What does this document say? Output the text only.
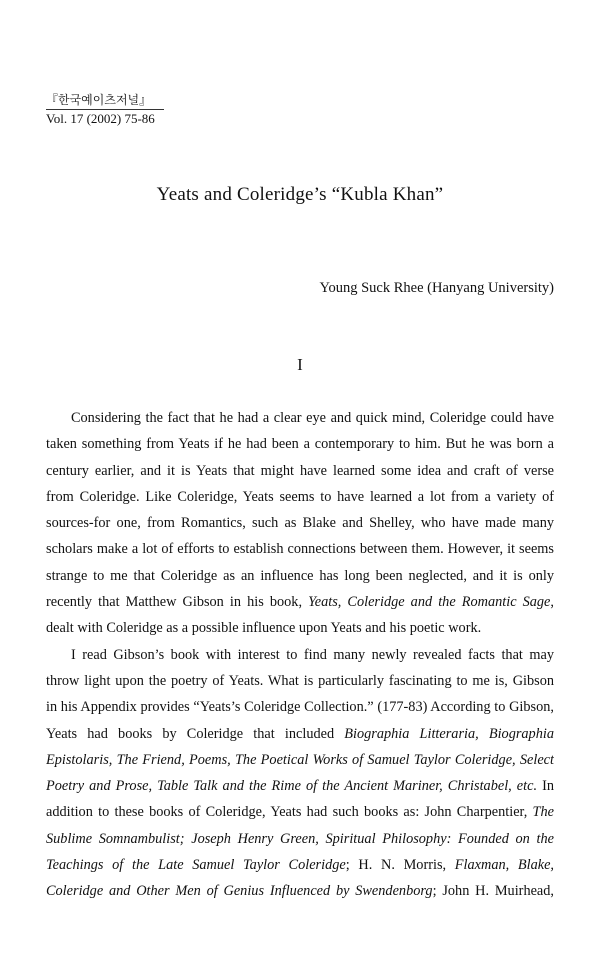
『한국예이츠저널』
Vol. 17 (2002) 75-86
Yeats and Coleridge’s “Kubla Khan”
Young Suck Rhee (Hanyang University)
I
Considering the fact that he had a clear eye and quick mind, Coleridge could have
taken something from Yeats if he had been a contemporary to him. But he was born a
century earlier, and it is Yeats that might have learned some idea and craft of verse
from Coleridge. Like Coleridge, Yeats seems to have learned a lot from a variety of
sources-for one, from Romantics, such as Blake and Shelley, who have made many
scholars make a lot of efforts to establish connections between them. However, it seems
strange to me that Coleridge as an influence has long been neglected, and it is only
recently that Matthew Gibson in his book, Yeats, Coleridge and the Romantic Sage,
dealt with Coleridge as a possible influence upon Yeats and his poetic work.
I read Gibson’s book with interest to find many newly revealed facts that may
throw light upon the poetry of Yeats. What is particularly fascinating to me is, Gibson
in his Appendix provides “Yeats’s Coleridge Collection.” (177-83) According to Gibson,
Yeats had books by Coleridge that included Biographia Litteraria, Biographia
Epistolaris, The Friend, Poems, The Poetical Works of Samuel Taylor Coleridge, Select
Poetry and Prose, Table Talk and the Rime of the Ancient Mariner, Christabel, etc. In
addition to these books of Coleridge, Yeats had such books as: John Charpentier, The
Sublime Somnambulist; Joseph Henry Green, Spiritual Philosophy: Founded on the
Teachings of the Late Samuel Taylor Coleridge; H. N. Morris, Flaxman, Blake,
Coleridge and Other Men of Genius Influenced by Swendenborg; John H. Muirhead,
